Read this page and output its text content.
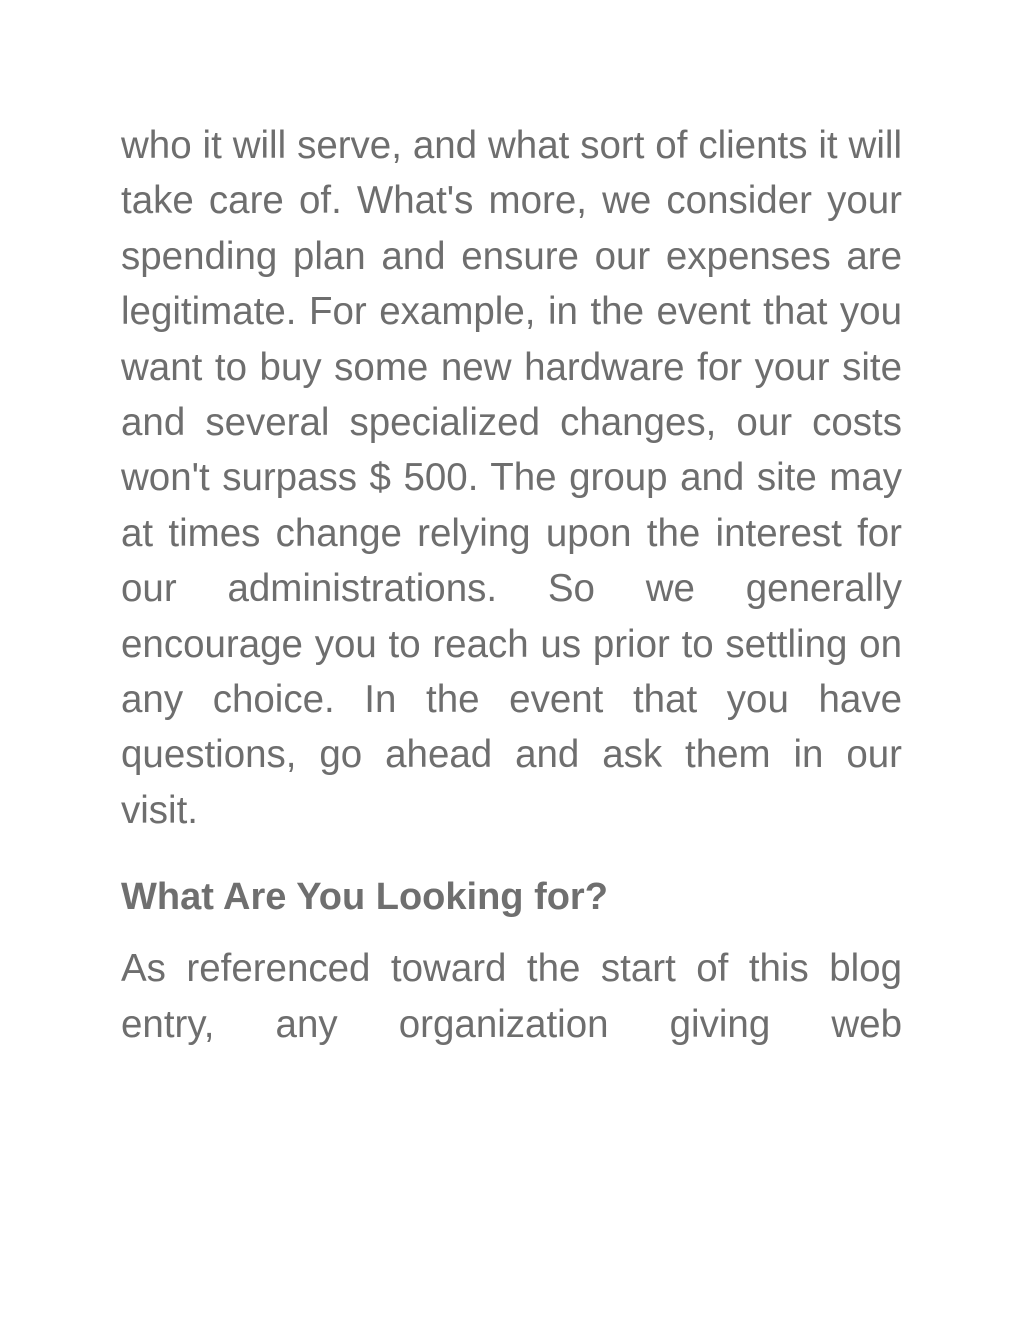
who it will serve, and what sort of clients it will take care of. What's more, we consider your spending plan and ensure our expenses are legitimate. For example, in the event that you want to buy some new hardware for your site and several specialized changes, our costs won't surpass $ 500. The group and site may at times change relying upon the interest for our administrations. So we generally encourage you to reach us prior to settling on any choice. In the event that you have questions, go ahead and ask them in our visit.

What Are You Looking for?

As referenced toward the start of this blog entry, any organization giving web
